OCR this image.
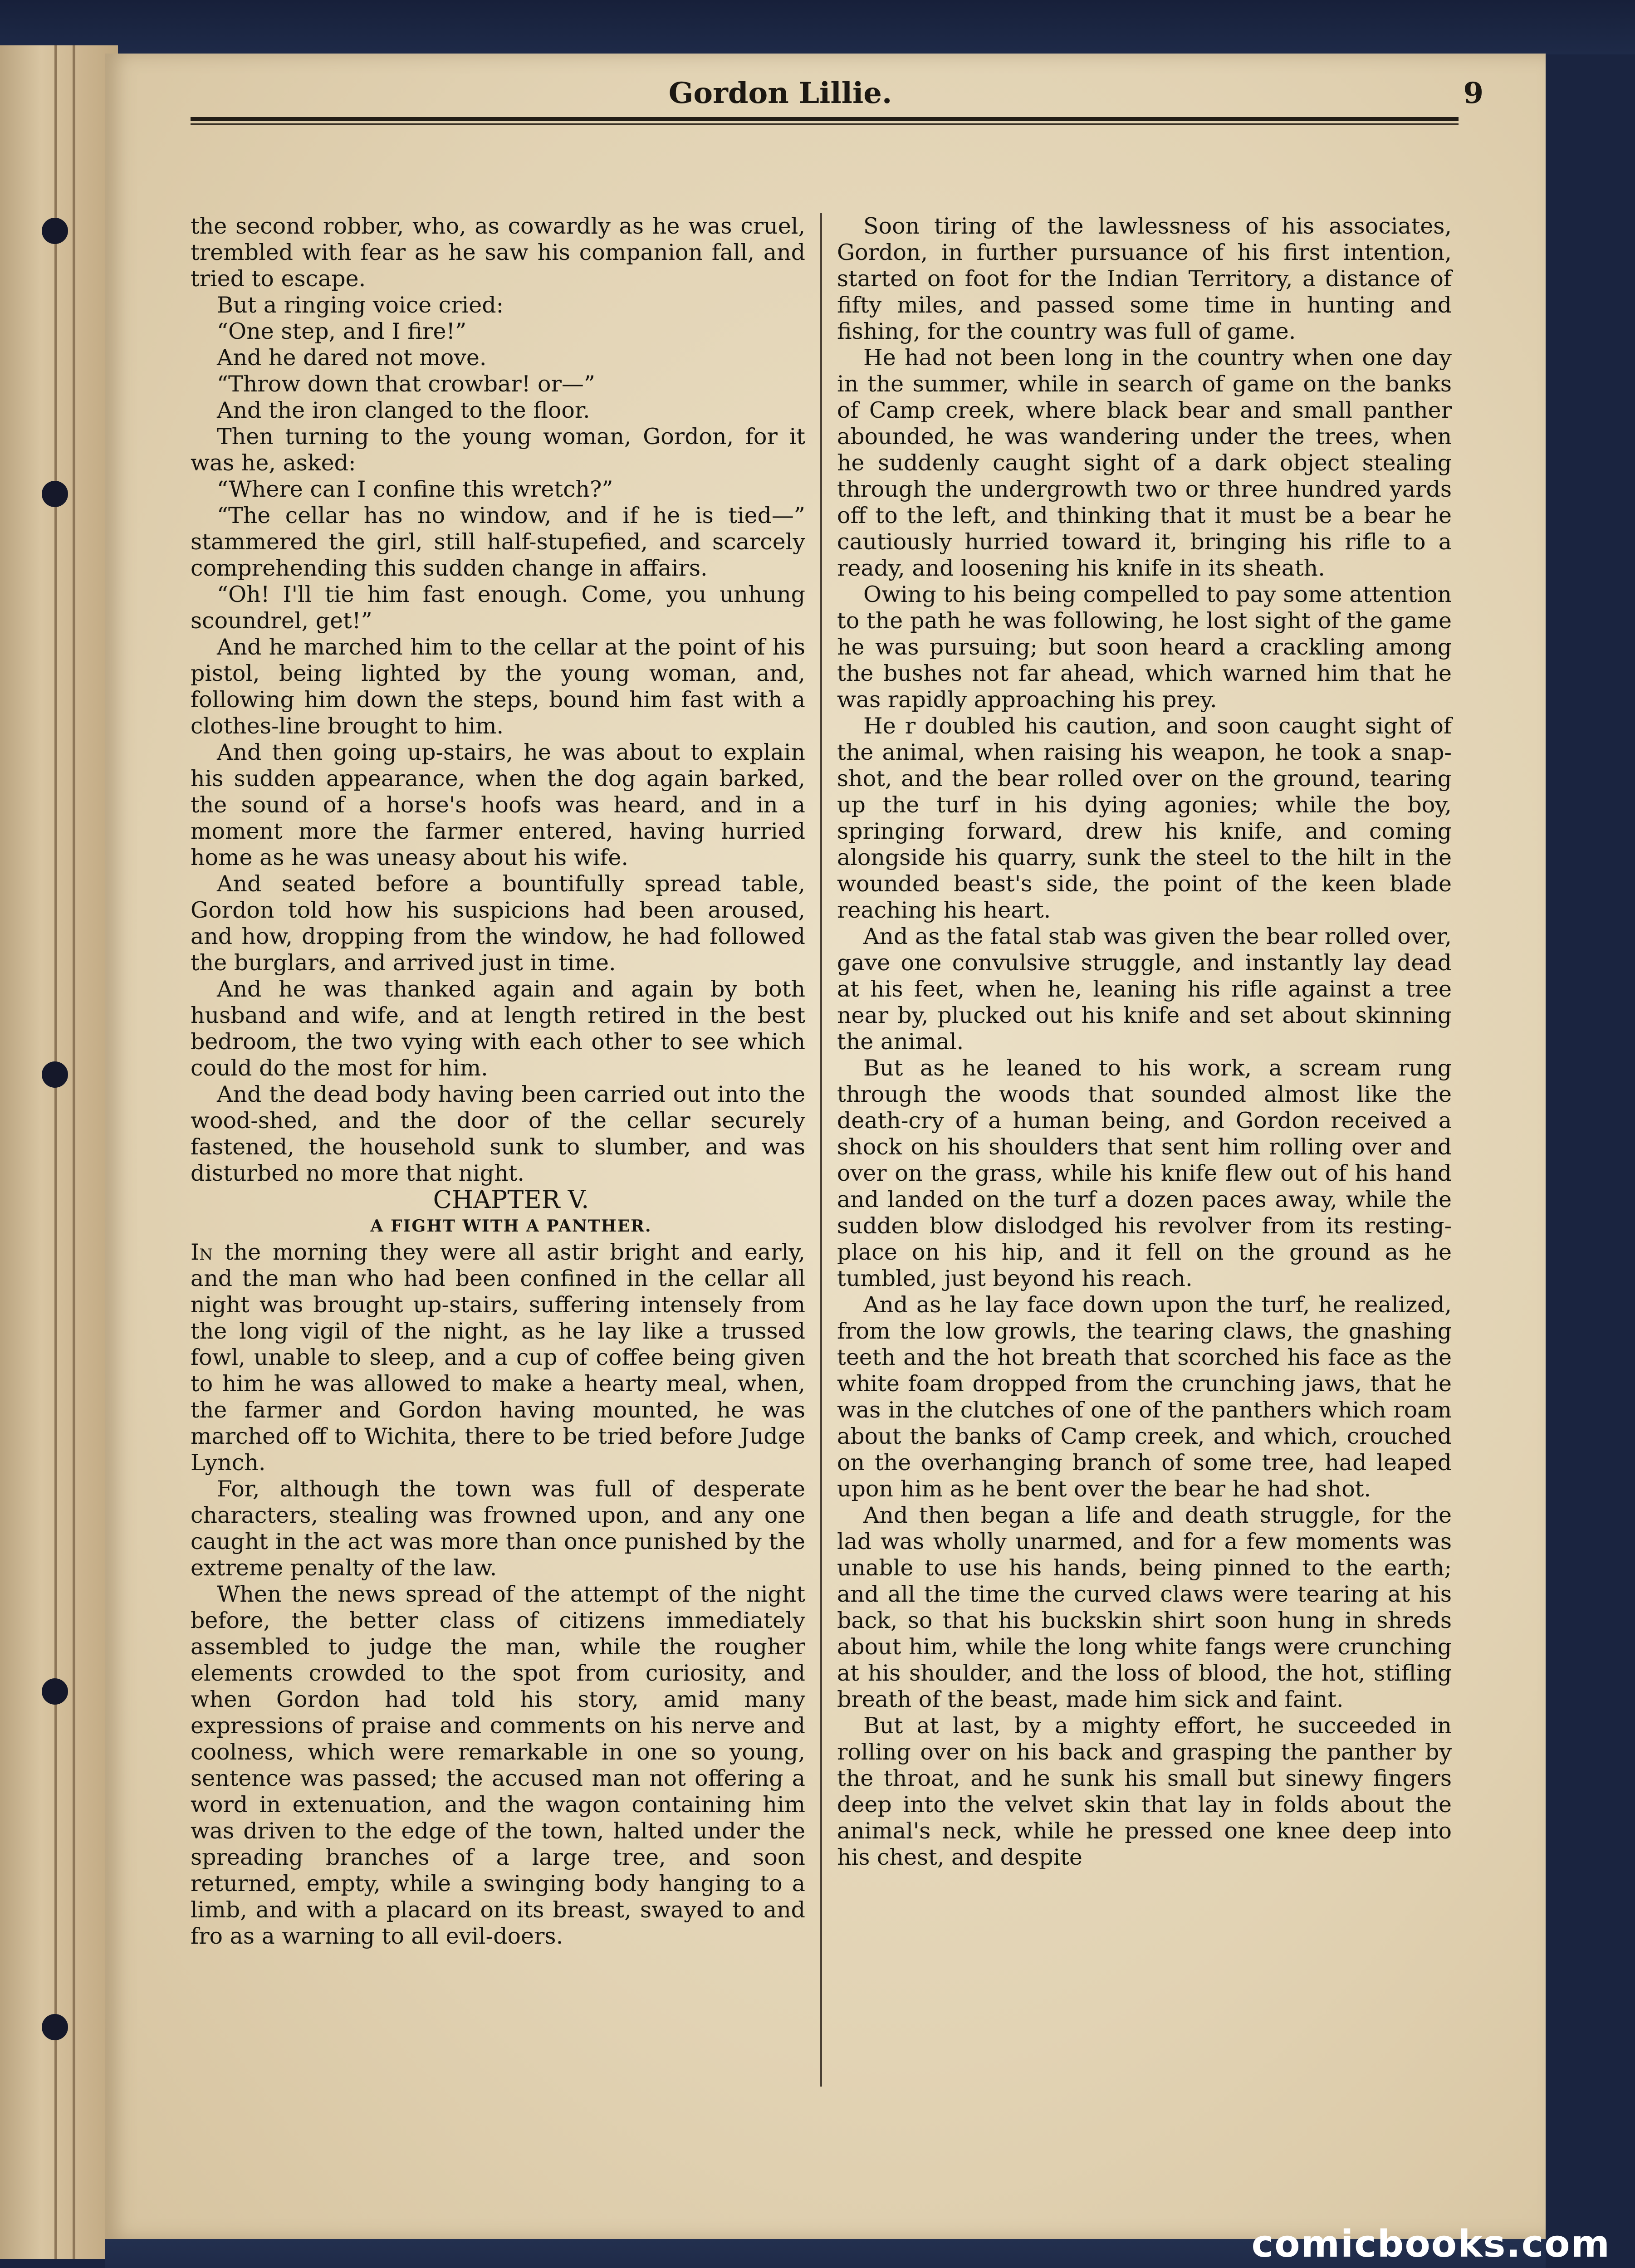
Gordon Lillie.	9

the second robber, who, as cowardly as he was cruel, trembled with fear as he saw his companion fall, and tried to escape.

But a ringing voice cried:

“One step, and I fire!”

And he dared not move.

“Throw down that crowbar! or—”

And the iron clanged to the floor.

Then turning to the young woman, Gordon, for it was he, asked:

“Where can I confine this wretch?”

“The cellar has no window, and if he is tied—” stammered the girl, still half-stupefied, and scarcely comprehending this sudden change in affairs.

“Oh! I'll tie him fast enough. Come, you unhung scoundrel, get!”

And he marched him to the cellar at the point of his pistol, being lighted by the young woman, and, following him down the steps, bound him fast with a clothes-line brought to him.

And then going up-stairs, he was about to explain his sudden appearance, when the dog again barked, the sound of a horse's hoofs was heard, and in a moment more the farmer entered, having hurried home as he was uneasy about his wife.

And seated before a bountifully spread table, Gordon told how his suspicions had been aroused, and how, dropping from the window, he had followed the burglars, and arrived just in time.

And he was thanked again and again by both husband and wife, and at length retired in the best bedroom, the two vying with each other to see which could do the most for him.

And the dead body having been carried out into the wood-shed, and the door of the cellar securely fastened, the household sunk to slumber, and was disturbed no more that night.

CHAPTER V.

A FIGHT WITH A PANTHER.

In the morning they were all astir bright and early, and the man who had been confined in the cellar all night was brought up-stairs, suffering intensely from the long vigil of the night, as he lay like a trussed fowl, unable to sleep, and a cup of coffee being given to him he was allowed to make a hearty meal, when, the farmer and Gordon having mounted, he was marched off to Wichita, there to be tried before Judge Lynch.

For, although the town was full of desperate characters, stealing was frowned upon, and any one caught in the act was more than once punished by the extreme penalty of the law.

When the news spread of the attempt of the night before, the better class of citizens immediately assembled to judge the man, while the rougher elements crowded to the spot from curiosity, and when Gordon had told his story, amid many expressions of praise and comments on his nerve and coolness, which were remarkable in one so young, sentence was passed; the accused man not offering a word in extenuation, and the wagon containing him was driven to the edge of the town, halted under the spreading branches of a large tree, and soon returned, empty, while a swinging body hanging to a limb, and with a placard on its breast, swayed to and fro as a warning to all evil-doers.

Soon tiring of the lawlessness of his associates, Gordon, in further pursuance of his first intention, started on foot for the Indian Territory, a distance of fifty miles, and passed some time in hunting and fishing, for the country was full of game.

He had not been long in the country when one day in the summer, while in search of game on the banks of Camp creek, where black bear and small panther abounded, he was wandering under the trees, when he suddenly caught sight of a dark object stealing through the undergrowth two or three hundred yards off to the left, and thinking that it must be a bear he cautiously hurried toward it, bringing his rifle to a ready, and loosening his knife in its sheath.

Owing to his being compelled to pay some attention to the path he was following, he lost sight of the game he was pursuing; but soon heard a crackling among the bushes not far ahead, which warned him that he was rapidly approaching his prey.

He r doubled his caution, and soon caught sight of the animal, when raising his weapon, he took a snap-shot, and the bear rolled over on the ground, tearing up the turf in his dying agonies; while the boy, springing forward, drew his knife, and coming alongside his quarry, sunk the steel to the hilt in the wounded beast's side, the point of the keen blade reaching his heart.

And as the fatal stab was given the bear rolled over, gave one convulsive struggle, and instantly lay dead at his feet, when he, leaning his rifle against a tree near by, plucked out his knife and set about skinning the animal.

But as he leaned to his work, a scream rung through the woods that sounded almost like the death-cry of a human being, and Gordon received a shock on his shoulders that sent him rolling over and over on the grass, while his knife flew out of his hand and landed on the turf a dozen paces away, while the sudden blow dislodged his revolver from its resting-place on his hip, and it fell on the ground as he tumbled, just beyond his reach.

And as he lay face down upon the turf, he realized, from the low growls, the tearing claws, the gnashing teeth and the hot breath that scorched his face as the white foam dropped from the crunching jaws, that he was in the clutches of one of the panthers which roam about the banks of Camp creek, and which, crouched on the overhanging branch of some tree, had leaped upon him as he bent over the bear he had shot.

And then began a life and death struggle, for the lad was wholly unarmed, and for a few moments was unable to use his hands, being pinned to the earth; and all the time the curved claws were tearing at his back, so that his buckskin shirt soon hung in shreds about him, while the long white fangs were crunching at his shoulder, and the loss of blood, the hot, stifling breath of the beast, made him sick and faint.

But at last, by a mighty effort, he succeeded in rolling over on his back and grasping the panther by the throat, and he sunk his small but sinewy fingers deep into the velvet skin that lay in folds about the animal's neck, while he pressed one knee deep into his chest, and despite

comicbooks.com
